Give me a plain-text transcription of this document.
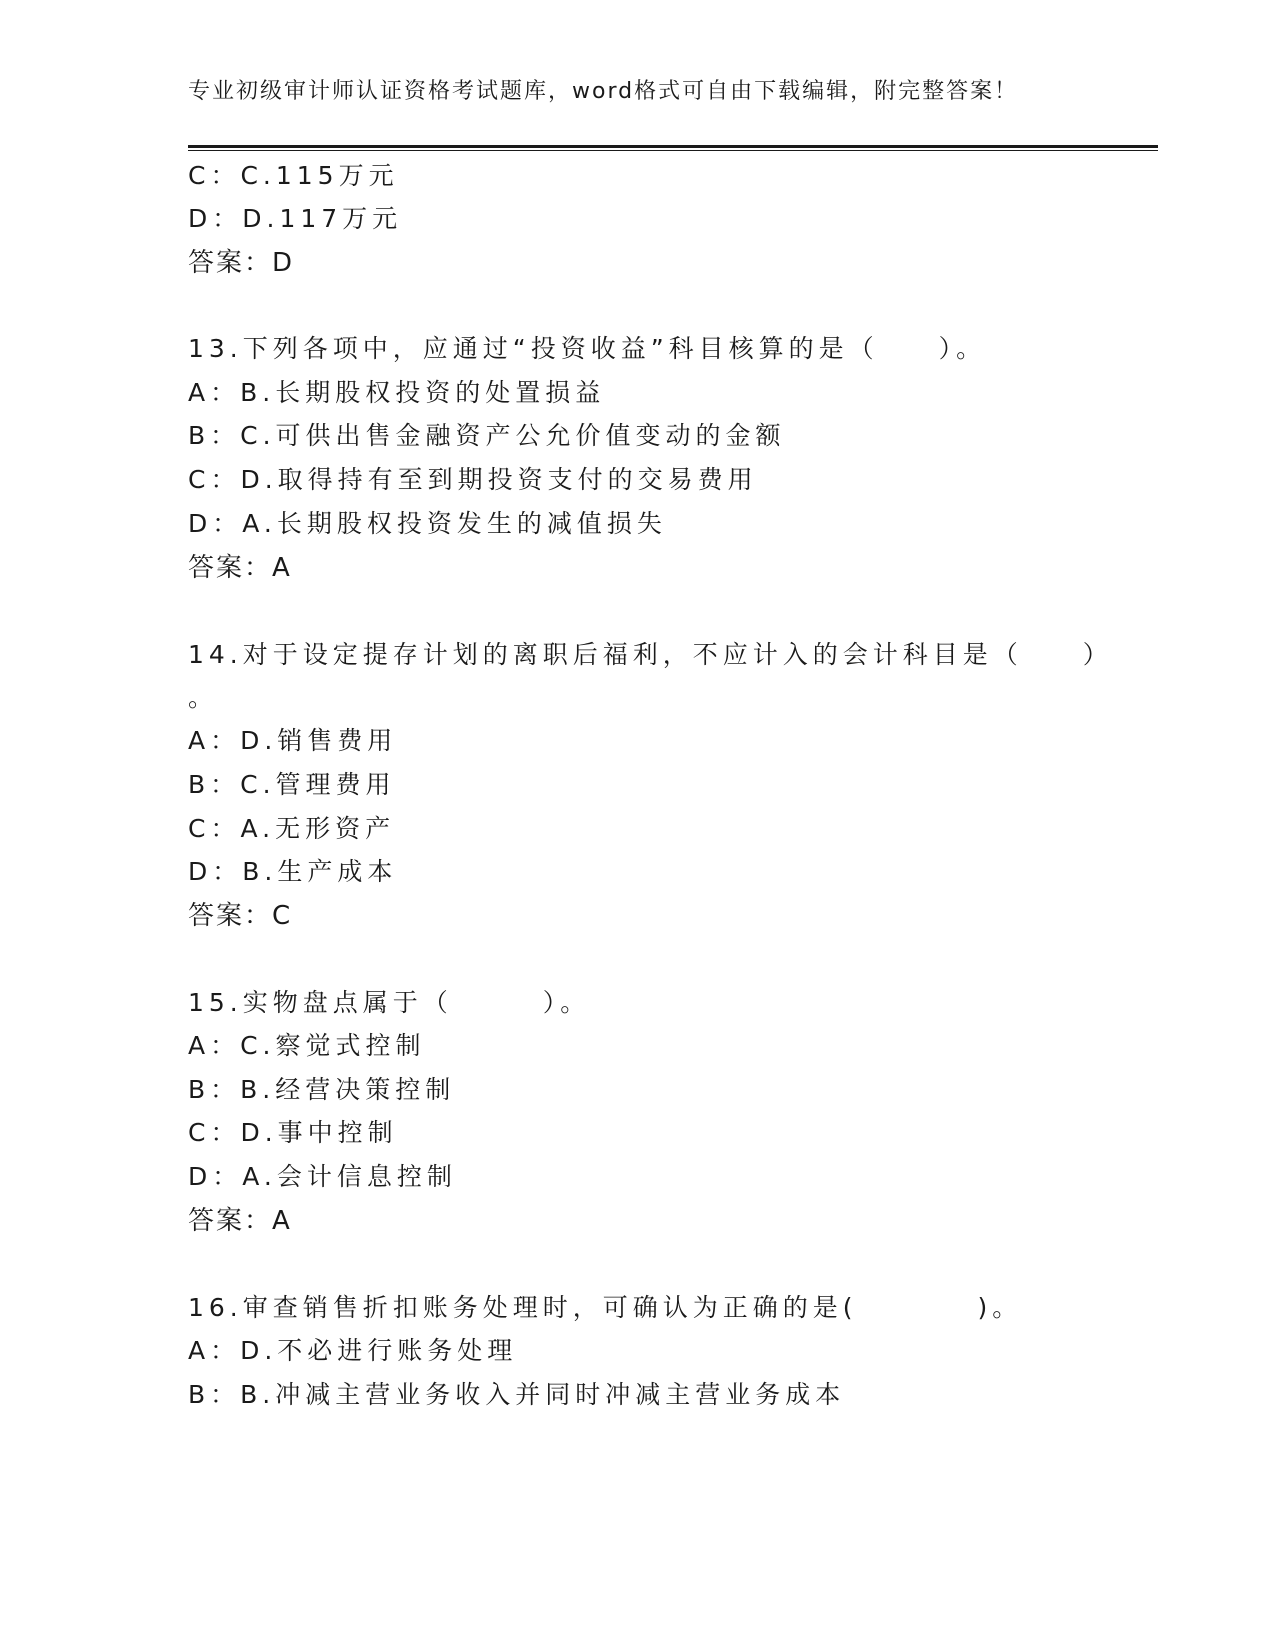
专业初级审计师认证资格考试题库，word格式可自由下载编辑，附完整答案！
C：C.115万元
D：D.117万元
答案：D
13.下列各项中，应通过“投资收益”科目核算的是（　　）。
A：B.长期股权投资的处置损益
B：C.可供出售金融资产公允价值变动的金额
C：D.取得持有至到期投资支付的交易费用
D：A.长期股权投资发生的减值损失
答案：A
14.对于设定提存计划的离职后福利，不应计入的会计科目是（　　）
。
A：D.销售费用
B：C.管理费用
C：A.无形资产
D：B.生产成本
答案：C
15.实物盘点属于（　　　）。
A：C.察觉式控制
B：B.经营决策控制
C：D.事中控制
D：A.会计信息控制
答案：A
16.审查销售折扣账务处理时，可确认为正确的是(　　　　)。
A：D.不必进行账务处理
B：B.冲减主营业务收入并同时冲减主营业务成本
